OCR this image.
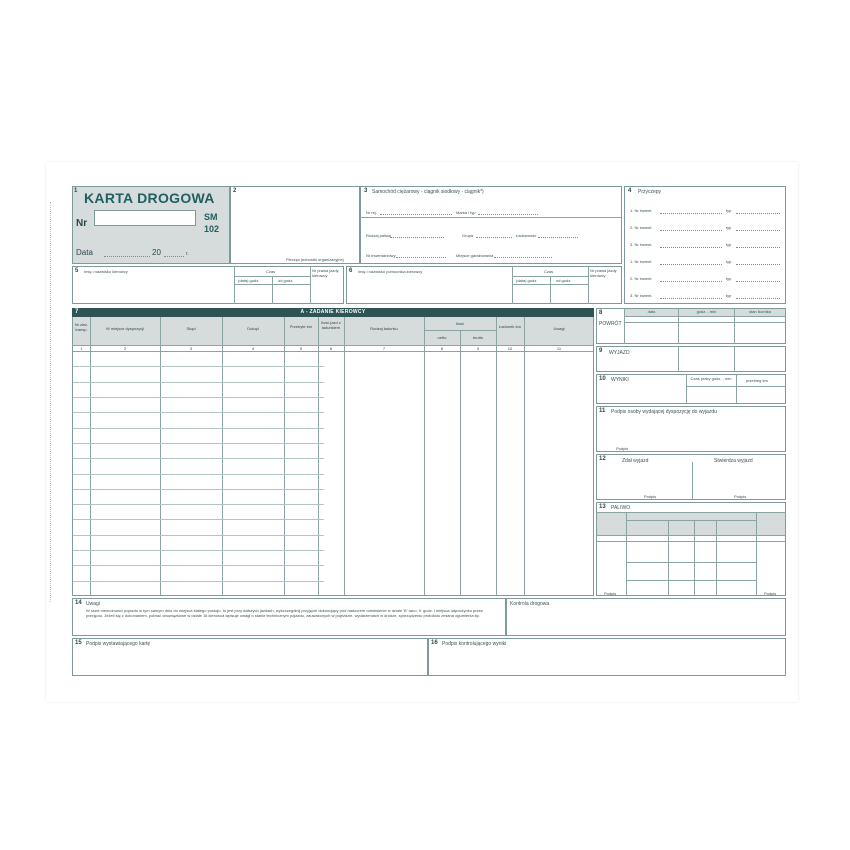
1 KARTA DROGOWA
Nr
Data	20	r.
SM
102
2
Pieczęć jednostki organizacyjnej
3 Samochód ciężarowy - ciągnik siodłowy - ciągnik*)
Nr rej.	Marka i typ
Rodzaj paliwa	Grupa	Ładowność
Nr inwentarzowy	Miejsce garażowania
4 Przyczepy
1. Nr inwent.	typ
2. Nr inwent.	typ
3. Nr inwent.	typ
1. Nr inwent.	typ
2. Nr inwent.	typ
3. Nr inwent.	typ
5 Imię i nazwisko kierowcy	Czas
(data) godz.	od godz.
Nr prawa jazdy kierowcy
6 Imię i nazwisko pomocnika kierowcy	Czas
(data) godz.	od godz.
Nr prawa jazdy kierowcy
A - ZADANIE KIEROWCY
7
Nr zlec. transp.	W miejsce dyspozycji	Skąd	Dokąd	Przebyte km
Ilość jazd z ładunkiem	Rodzaj ładunku
Ilość
netto	brutto
Ładunek ton	Uwagi
1	2	3	4	5	6	7	8	9	10	11
8
POWRÓT
data	godz. - min	stan licznika
9 WYJAZD
10 WYNIKI	Czas pracy godz. - min	przebieg km
11 Podpis osoby wydającej dyspozycję do wyjazdu
Podpis
12	Zdał wyjazd	Stwierdza wyjazd
Podpis	Podpis
13 PALIWO
Podpis	Podpis
14 Uwagi
W razie niemożności pojazdu w tym samym dniu do miejsca stałego postoju, to jest przy dalszych jazdach, wyszczególnij przyjęcie dokonujący pod nadzorem odniesienie w dziale 'B' rano, ti. godz. i miejsca odpoczynku przez przejęciu. Jeżeli się z dokonaniem, pobrać obowiązkowe w dziale 16 kierowca wpisuje uwagi o stanie technicznym pojazdu, zauważonych w pojeździe, wydarzeniach w drodze, sporządzeniu protokołu zmiana ogumienia itp.
Kontrola drogowa
15 Podpis wystawiającego kartę	16 Podpis kontrolującego wyniki
